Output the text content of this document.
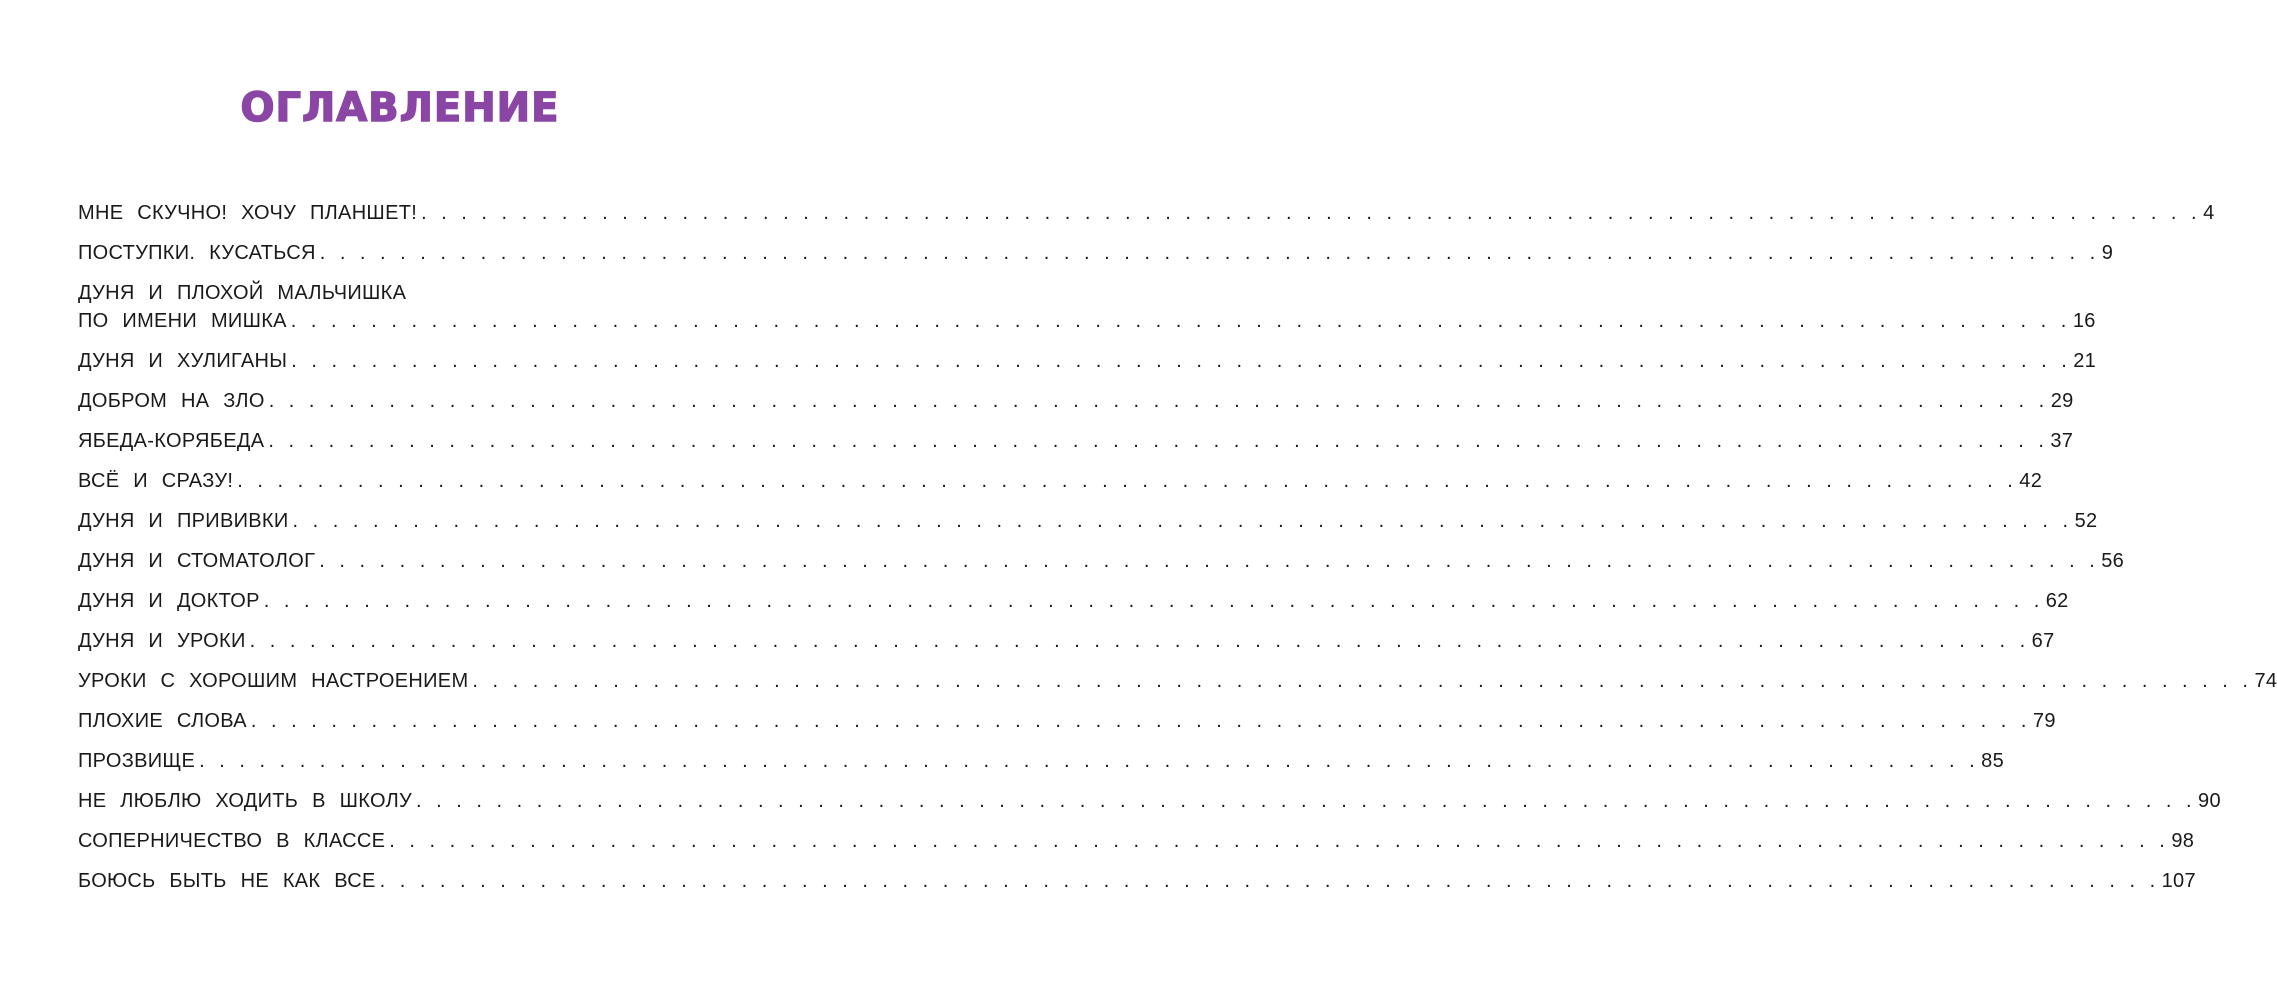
ОГЛАВЛЕНИЕ
МНЕ СКУЧНО! ХОЧУ ПЛАНШЕТ! . . . . . . . . . . . . . . . . . . . . . . . . . . . . . . . . . . . . . . . . . . . . . . . . . . . . . . . . . . . . . . . . . . . . . . . . . . . . . . . . . . . . . . . . . 4
ПОСТУПКИ. КУСАТЬСЯ . . . . . . . . . . . . . . . . . . . . . . . . . . . . . . . . . . . . . . . . . . . . . . . . . . . . . . . . . . . . . . . . . . . . . . . . . . . . . . . . . . . . . . . . . 9
ДУНЯ И ПЛОХОЙ МАЛЬЧИШКА
ПО ИМЕНИ МИШКА . . . . . . . . . . . . . . . . . . . . . . . . . . . . . . . . . . . . . . . . . . . . . . . . . . . . . . . . . . . . . . . . . . . . . . . . . . . . . . . . . . . . . . . . . 16
ДУНЯ И ХУЛИГАНЫ . . . . . . . . . . . . . . . . . . . . . . . . . . . . . . . . . . . . . . . . . . . . . . . . . . . . . . . . . . . . . . . . . . . . . . . . . . . . . . . . . . . . . . . . . 21
ДОБРОМ НА ЗЛО . . . . . . . . . . . . . . . . . . . . . . . . . . . . . . . . . . . . . . . . . . . . . . . . . . . . . . . . . . . . . . . . . . . . . . . . . . . . . . . . . . . . . . . . . 29
ЯБЕДА-КОРЯБЕДА . . . . . . . . . . . . . . . . . . . . . . . . . . . . . . . . . . . . . . . . . . . . . . . . . . . . . . . . . . . . . . . . . . . . . . . . . . . . . . . . . . . . . . . . . 37
ВСЁ И СРАЗУ! . . . . . . . . . . . . . . . . . . . . . . . . . . . . . . . . . . . . . . . . . . . . . . . . . . . . . . . . . . . . . . . . . . . . . . . . . . . . . . . . . . . . . . . . . 42
ДУНЯ И ПРИВИВКИ . . . . . . . . . . . . . . . . . . . . . . . . . . . . . . . . . . . . . . . . . . . . . . . . . . . . . . . . . . . . . . . . . . . . . . . . . . . . . . . . . . . . . . . . . 52
ДУНЯ И СТОМАТОЛОГ . . . . . . . . . . . . . . . . . . . . . . . . . . . . . . . . . . . . . . . . . . . . . . . . . . . . . . . . . . . . . . . . . . . . . . . . . . . . . . . . . . . . . . . . . 56
ДУНЯ И ДОКТОР . . . . . . . . . . . . . . . . . . . . . . . . . . . . . . . . . . . . . . . . . . . . . . . . . . . . . . . . . . . . . . . . . . . . . . . . . . . . . . . . . . . . . . . . . 62
ДУНЯ И УРОКИ . . . . . . . . . . . . . . . . . . . . . . . . . . . . . . . . . . . . . . . . . . . . . . . . . . . . . . . . . . . . . . . . . . . . . . . . . . . . . . . . . . . . . . . . . 67
УРОКИ С ХОРОШИМ НАСТРОЕНИЕМ . . . . . . . . . . . . . . . . . . . . . . . . . . . . . . . . . . . . . . . . . . . . . . . . . . . . . . . . . . . . . . . . . . . . . . . . . . . . . . . . . . . . . . . . . 74
ПЛОХИЕ СЛОВА . . . . . . . . . . . . . . . . . . . . . . . . . . . . . . . . . . . . . . . . . . . . . . . . . . . . . . . . . . . . . . . . . . . . . . . . . . . . . . . . . . . . . . . . . 79
ПРОЗВИЩЕ . . . . . . . . . . . . . . . . . . . . . . . . . . . . . . . . . . . . . . . . . . . . . . . . . . . . . . . . . . . . . . . . . . . . . . . . . . . . . . . . . . . . . . . . . 85
НЕ ЛЮБЛЮ ХОДИТЬ В ШКОЛУ . . . . . . . . . . . . . . . . . . . . . . . . . . . . . . . . . . . . . . . . . . . . . . . . . . . . . . . . . . . . . . . . . . . . . . . . . . . . . . . . . . . . . . . . . 90
СОПЕРНИЧЕСТВО В КЛАССЕ . . . . . . . . . . . . . . . . . . . . . . . . . . . . . . . . . . . . . . . . . . . . . . . . . . . . . . . . . . . . . . . . . . . . . . . . . . . . . . . . . . . . . . . . . 98
БОЮСЬ БЫТЬ НЕ КАК ВСЕ . . . . . . . . . . . . . . . . . . . . . . . . . . . . . . . . . . . . . . . . . . . . . . . . . . . . . . . . . . . . . . . . . . . . . . . . . . . . . . . . . . . . . . . . . 107
